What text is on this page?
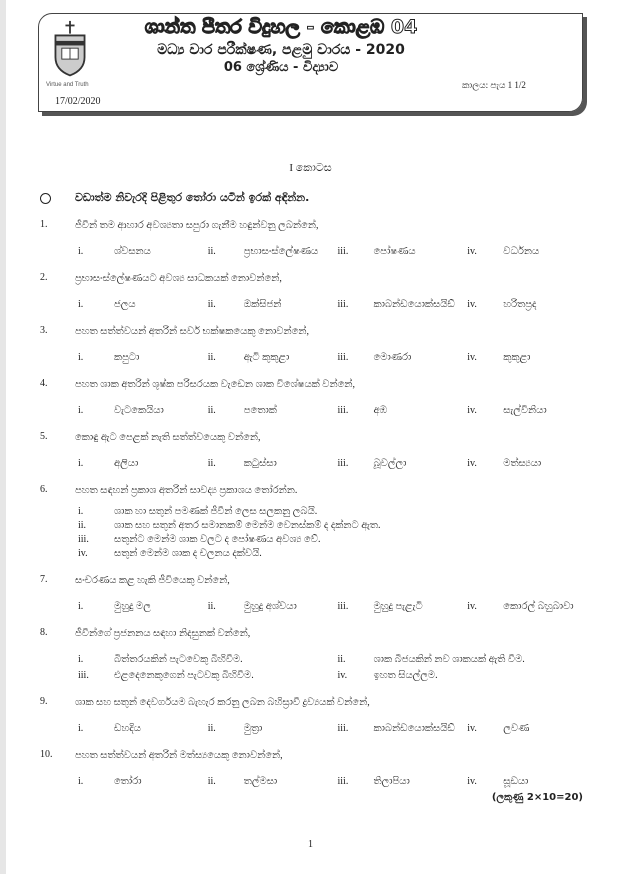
Virtue and Truth
17/02/2020
ශාන්ත පීතර විදුහල - කොළඹ 04
මධ්‍ය වාර පරීක්ෂණ, පළමු වාරය - 2020
06 ශ්‍රේණිය - විද්‍යාව
කාලය: පැය 1 1/2
I කොටස
වඩාත්ම නිවැරදි පිළිතුර තෝරා යටින් ඉරක් අඳින්න.
1.	ජීවීන් තම ආහාර අවශ්‍යතා සපුරා ගැනීම හඳුන්වනු ලබන්නේ,
i.	ශ්වසනය	ii.	ප්‍රභාසංස්ලේෂණය	iii.	පෝෂණය	iv.	වර්ධනය
2.	ප්‍රභාසංස්ලේෂණයට අවශ්‍ය සාධකයක් නොවන්නේ,
i.	ජලය	ii.	ඔක්සිජන්	iii.	කාබන්ඩයොක්සයිඩ්	iv.	හරිතප්‍රද
3.	පහත සත්ත්වයන් අතරින් සර්ව භක්ෂකයෙකු නොවන්නේ,
i.	කපුටා	ii.	ඇටි කුකුළා	iii.	මොණරා	iv.	කුකුළා
4.	පහත ශාක අතරින් ශුෂ්ක පරිසරයක වැඩෙන ශාක විශේෂයක් වන්නේ,
i.	වැටකෙයියා	ii.	පතොක්	iii.	අඹ	iv.	සැල්විනියා
5.	කොඳු ඇට පෙළක් නැති සත්ත්වයෙකු වන්නේ,
i.	අලියා	ii.	කටුස්සා	iii.	බූවල්ලා	iv.	මත්ස්‍යයා
6.	පහත සඳහන් ප්‍රකාශ අතරින් සාවද්‍ය ප්‍රකාශය තෝරන්න.
i.	ශාක හා සතුන් පමණක් ජීවීන් ලෙස සලකනු ලබයි.
ii.	ශාක සහ සතුන් අතර සමානකම් මෙන්ම වෙනස්කම් ද දක්නට ඇත.
iii.	සතුන්ට මෙන්ම ශාක වලට ද පෝෂණය අවශ්‍ය වේ.
iv.	සතුන් මෙන්ම ශාක ද චලනය දක්වයි.
7.	සංචරණය කළ හැකි ජීවියෙකු වන්නේ,
i.	මුහුදු මල	ii.	මුහුදු අශ්වයා	iii.	මුහුදු පැළැටි	iv.	කොරල් බහුබාවා
8.	ජීවීන්ගේ ප්‍රජනනය සඳහා නිදසුනක් වන්නේ,
i.	බිත්තරයකින් පැටවෙකු බිහිවීම.	ii.	ශාක බීජයකින් නව ශාකයක් ඇති වීම.
iii.	එළදෙනෙකුගෙන් පැටවකු බිහිවීම.	iv.	ඉහත සියල්ලම.
9.	ශාක සහ සතුන් දෙවර්ගයම බැහැර කරනු ලබන බහිස්‍රාවී ද්‍රව්‍යයක් වන්නේ,
i.	ඩහදිය	ii.	මුත්‍රා	iii.	කාබන්ඩයොක්සයිඩ්	iv.	ලවණ
10.	පහත සත්ත්වයන් අතරින් මත්ස්‍යයෙකු නොවන්නේ,
i.	තෝරා	ii.	තල්මසා	iii.	තිලාපියා	iv.	සූඩයා
(ලකුණු 2×10=20)
1
